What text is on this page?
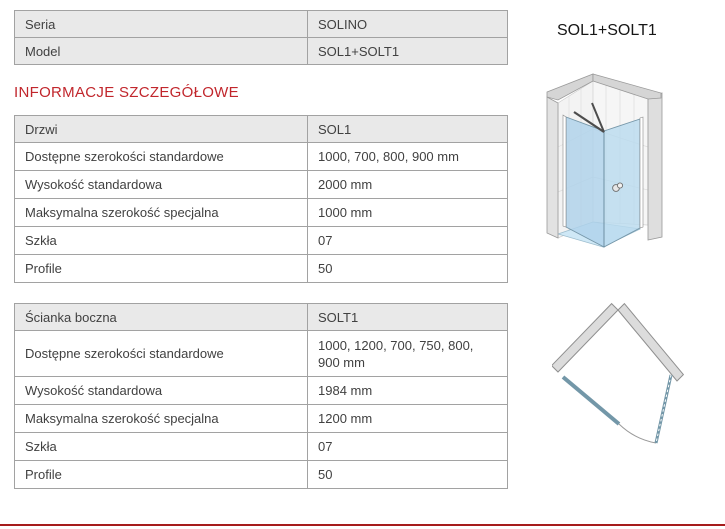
Seria	SOLINO
Model	SOL1+SOLT1
INFORMACJE SZCZEGÓŁOWE
Drzwi	SOL1
Dostępne szerokości standardowe	1000, 700, 800, 900 mm
Wysokość standardowa	2000 mm
Maksymalna szerokość specjalna	1000 mm
Szkła	07
Profile	50
Ścianka boczna	SOLT1
Dostępne szerokości standardowe	1000, 1200, 700, 750, 800, 900 mm
Wysokość standardowa	1984 mm
Maksymalna szerokość specjalna	1200 mm
Szkła	07
Profile	50
SOL1+SOLT1
